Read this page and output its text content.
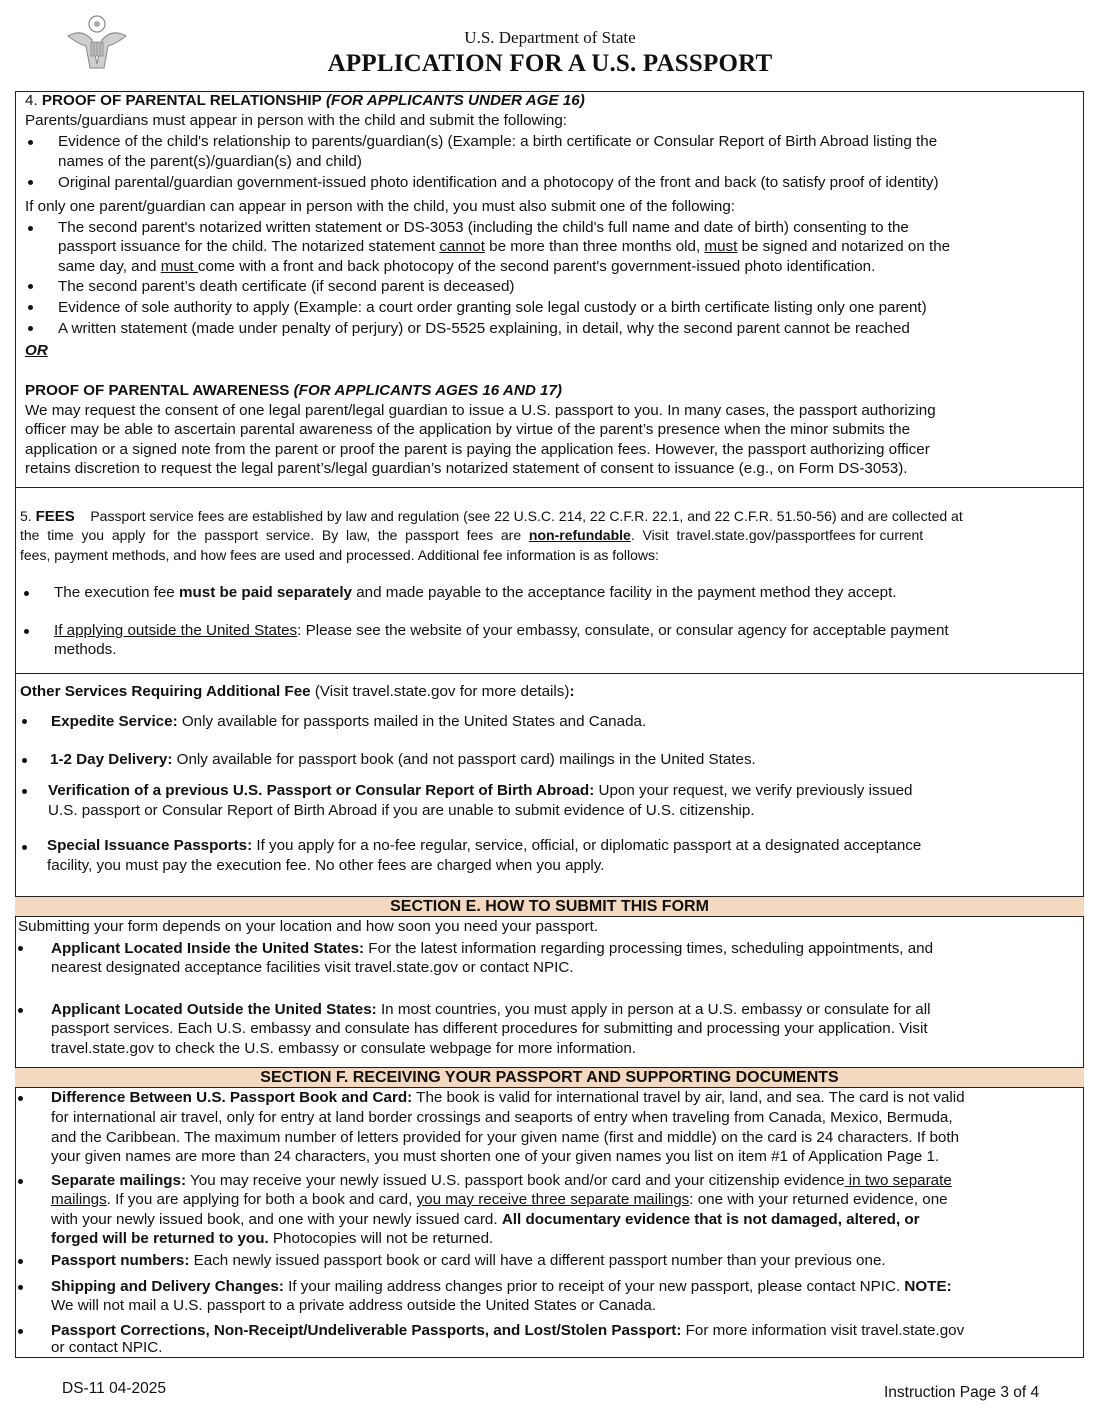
U.S. Department of State
APPLICATION FOR A U.S. PASSPORT
4. PROOF OF PARENTAL RELATIONSHIP (FOR APPLICANTS UNDER AGE 16)
Parents/guardians must appear in person with the child and submit the following:
Evidence of the child's relationship to parents/guardian(s) (Example: a birth certificate or Consular Report of Birth Abroad listing the
names of the parent(s)/guardian(s) and child)
Original parental/guardian government-issued photo identification and a photocopy of the front and back (to satisfy proof of identity)
If only one parent/guardian can appear in person with the child, you must also submit one of the following:
The second parent's notarized written statement or DS-3053 (including the child's full name and date of birth) consenting to the
passport issuance for the child. The notarized statement cannot be more than three months old, must be signed and notarized on the
same day, and must come with a front and back photocopy of the second parent's government-issued photo identification.
The second parent’s death certificate (if second parent is deceased)
Evidence of sole authority to apply (Example: a court order granting sole legal custody or a birth certificate listing only one parent)
A written statement (made under penalty of perjury) or DS-5525 explaining, in detail, why the second parent cannot be reached
OR
PROOF OF PARENTAL AWARENESS (FOR APPLICANTS AGES 16 AND 17)
We may request the consent of one legal parent/legal guardian to issue a U.S. passport to you. In many cases, the passport authorizing
officer may be able to ascertain parental awareness of the application by virtue of the parent’s presence when the minor submits the
application or a signed note from the parent or proof the parent is paying the application fees. However, the passport authorizing officer
retains discretion to request the legal parent’s/legal guardian’s notarized statement of consent to issuance (e.g., on Form DS-3053).
5. FEES Passport service fees are established by law and regulation (see 22 U.S.C. 214, 22 C.F.R. 22.1, and 22 C.F.R. 51.50-56) and are collected at
the  time  you  apply  for  the  passport  service.  By  law,  the  passport  fees  are  non-refundable.  Visit  travel.state.gov/passportfees for current
fees, payment methods, and how fees are used and processed. Additional fee information is as follows:
The execution fee must be paid separately and made payable to the acceptance facility in the payment method they accept.
If applying outside the United States: Please see the website of your embassy, consulate, or consular agency for acceptable payment
methods.
Other Services Requiring Additional Fee (Visit travel.state.gov for more details):
Expedite Service: Only available for passports mailed in the United States and Canada.
1-2 Day Delivery: Only available for passport book (and not passport card) mailings in the United States.
Verification of a previous U.S. Passport or Consular Report of Birth Abroad: Upon your request, we verify previously issued
U.S. passport or Consular Report of Birth Abroad if you are unable to submit evidence of U.S. citizenship.
Special Issuance Passports: If you apply for a no-fee regular, service, official, or diplomatic passport at a designated acceptance
facility, you must pay the execution fee. No other fees are charged when you apply.
SECTION E. HOW TO SUBMIT THIS FORM
Submitting your form depends on your location and how soon you need your passport.
Applicant Located Inside the United States: For the latest information regarding processing times, scheduling appointments, and
nearest designated acceptance facilities visit travel.state.gov or contact NPIC.
Applicant Located Outside the United States: In most countries, you must apply in person at a U.S. embassy or consulate for all
passport services. Each U.S. embassy and consulate has different procedures for submitting and processing your application. Visit
travel.state.gov to check the U.S. embassy or consulate webpage for more information.
SECTION F. RECEIVING YOUR PASSPORT AND SUPPORTING DOCUMENTS
Difference Between U.S. Passport Book and Card: The book is valid for international travel by air, land, and sea. The card is not valid
for international air travel, only for entry at land border crossings and seaports of entry when traveling from Canada, Mexico, Bermuda,
and the Caribbean. The maximum number of letters provided for your given name (first and middle) on the card is 24 characters. If both
your given names are more than 24 characters, you must shorten one of your given names you list on item #1 of Application Page 1.
Separate mailings: You may receive your newly issued U.S. passport book and/or card and your citizenship evidence in two separate
mailings. If you are applying for both a book and card, you may receive three separate mailings: one with your returned evidence, one
with your newly issued book, and one with your newly issued card. All documentary evidence that is not damaged, altered, or
forged will be returned to you. Photocopies will not be returned.
Passport numbers: Each newly issued passport book or card will have a different passport number than your previous one.
Shipping and Delivery Changes: If your mailing address changes prior to receipt of your new passport, please contact NPIC. NOTE:
We will not mail a U.S. passport to a private address outside the United States or Canada.
Passport Corrections, Non-Receipt/Undeliverable Passports, and Lost/Stolen Passport: For more information visit travel.state.gov
or contact NPIC.
DS-11 04-2025	Instruction Page 3 of 4
